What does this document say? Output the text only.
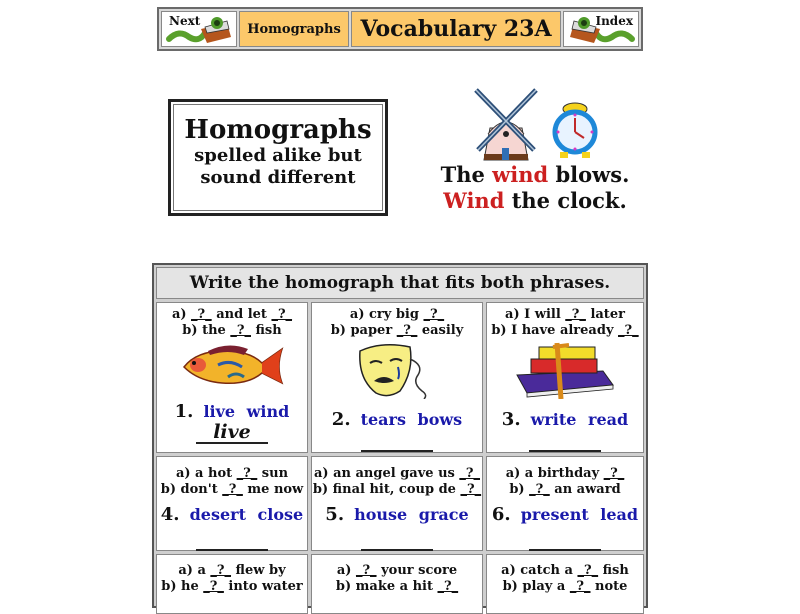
Next
Homographs Vocabulary 23A	Index
Homographs
spelled alike but
sound different	The wind blows.
Wind the clock.
Write the homograph that fits both phrases.
a) _?_ and let _?_
b) the _?_ fish
1. live wind
live
a) cry big _?_
b) paper _?_ easily
2. tears bows
a) I will _?_ later
b) I have already _?_
3. write read
a) a hot _?_ sun
b) don't _?_ me now
4. desert close
a) an angel gave us _?_
b) final hit, coup de _?_
5. house grace
a) a birthday _?_
b) _?_ an award
6. present lead
a) a _?_ flew by
b) he _?_ into water
a) _?_ your score
b) make a hit _?_
a) catch a _?_ fish
b) play a _?_ note
